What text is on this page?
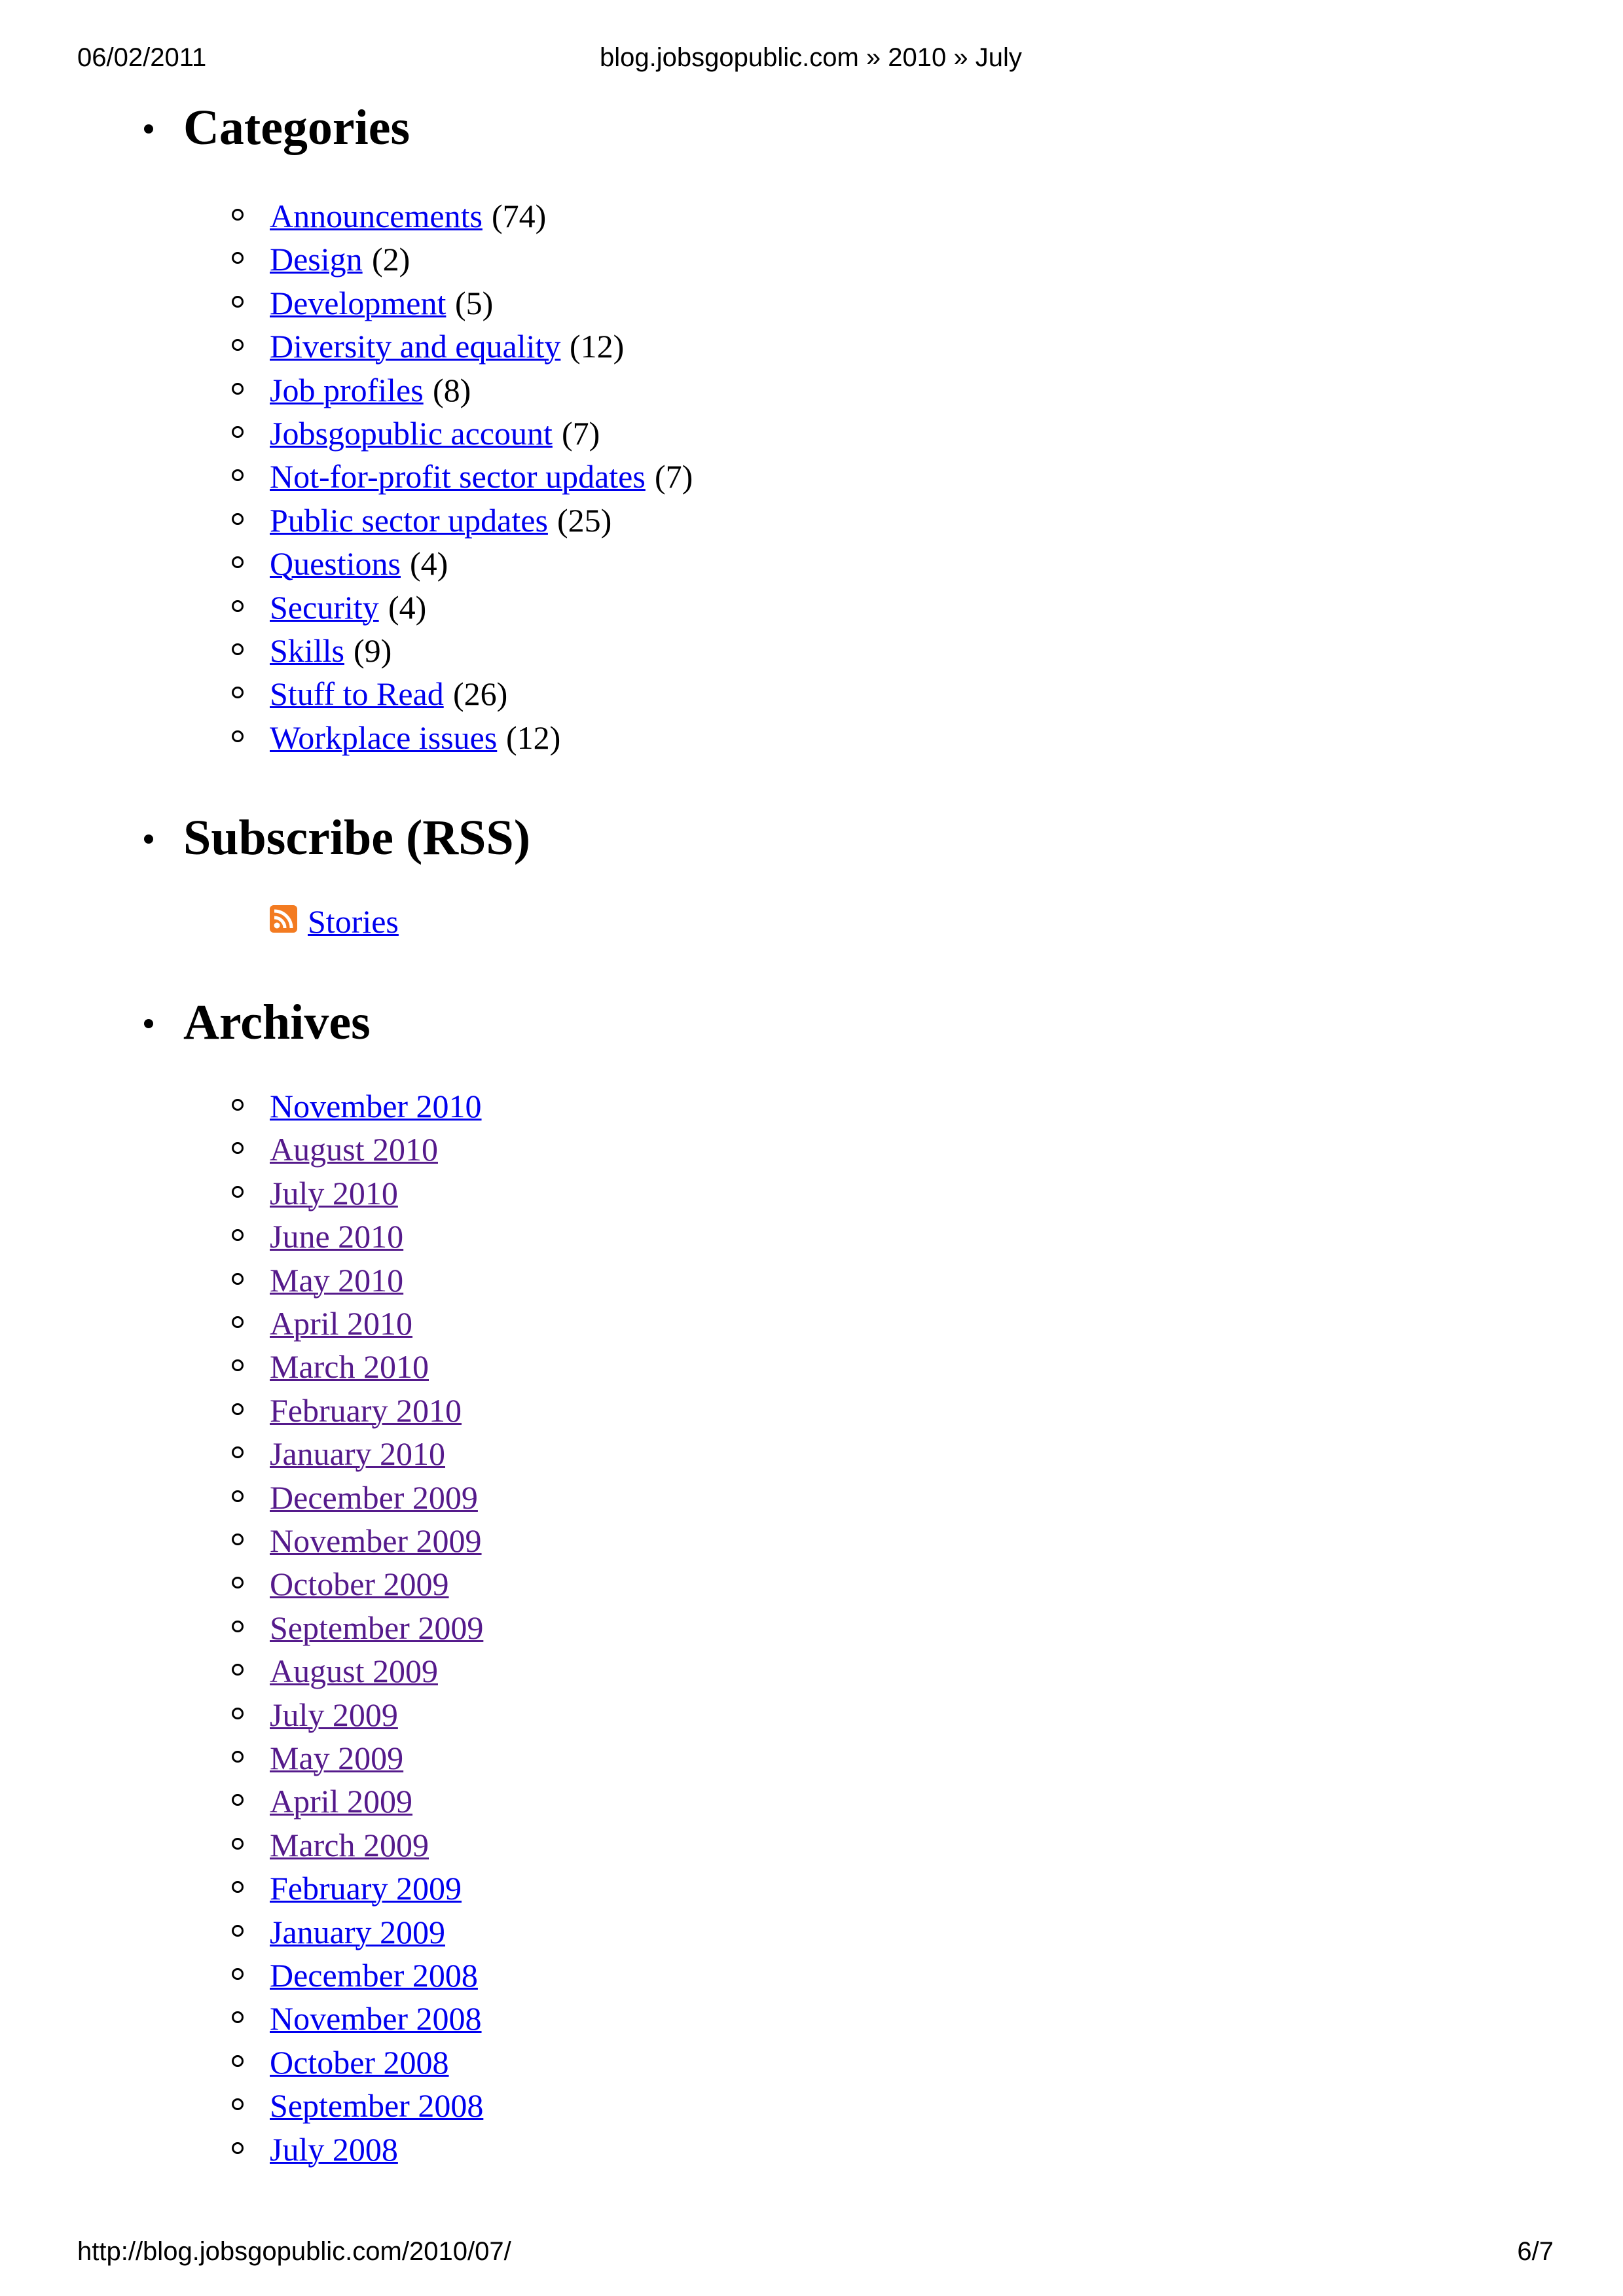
06/02/2011	blog.jobsgopublic.com » 2010 » July
Categories
Announcements (74)
Design (2)
Development (5)
Diversity and equality (12)
Job profiles (8)
Jobsgopublic account (7)
Not-for-profit sector updates (7)
Public sector updates (25)
Questions (4)
Security (4)
Skills (9)
Stuff to Read (26)
Workplace issues (12)
Subscribe (RSS)
Stories
Archives
November 2010
August 2010
July 2010
June 2010
May 2010
April 2010
March 2010
February 2010
January 2010
December 2009
November 2009
October 2009
September 2009
August 2009
July 2009
May 2009
April 2009
March 2009
February 2009
January 2009
December 2008
November 2008
October 2008
September 2008
July 2008
http://blog.jobsgopublic.com/2010/07/	6/7
